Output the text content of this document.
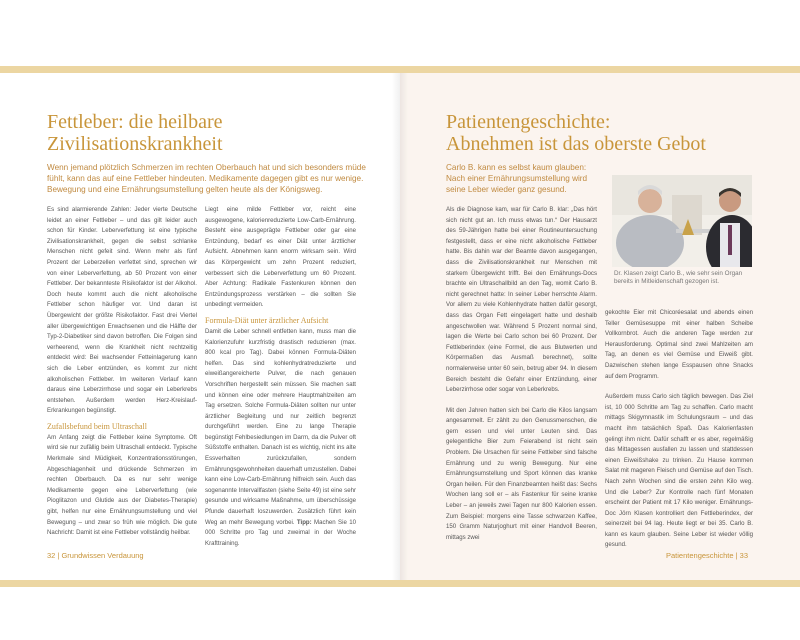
Fettleber: die heilbare
Zivilisationskrankheit

Wenn jemand plötzlich Schmerzen im rechten Oberbauch hat und sich besonders müde fühlt, kann das auf eine Fettleber hindeuten. Medikamente dagegen gibt es nur wenige. Bewegung und eine Ernährungsumstellung gelten heute als der Königsweg.

Es sind alarmierende Zahlen: Jeder vierte Deutsche leidet an einer Fettleber – und das gilt leider auch schon für Kinder. Leberverfettung ist eine typische Zivilisationskrankheit, gegen die selbst schlanke Menschen nicht gefeit sind. Wenn mehr als fünf Prozent der Leberzellen verfettet sind, sprechen wir von einer Leberverfettung, ab 50 Prozent von einer Fettleber. Der bekannteste Risikofaktor ist der Alkohol. Doch heute kommt auch die nicht alkoholische Fettleber schon häufiger vor. Und daran ist Übergewicht der größte Risikofaktor. Fast drei Viertel aller übergewichtigen Erwachsenen und die Hälfte der Typ-2-Diabetiker sind davon betroffen. Die Folgen sind verheerend, wenn die Krankheit nicht rechtzeitig entdeckt wird: Bei wachsender Fetteinlagerung kann sich die Leber entzünden, es kommt zur nicht alkoholischen Fettleber. Im weiteren Verlauf kann daraus eine Leberzirrhose und sogar ein Leberkrebs entstehen. Außerdem werden Herz-Kreislauf-Erkrankungen begünstigt.

Zufallsbefund beim Ultraschall

Am Anfang zeigt die Fettleber keine Symptome. Oft wird sie nur zufällig beim Ultraschall entdeckt. Typische Merkmale sind Müdigkeit, Konzentrationsstörungen, Abgeschlagenheit und drückende Schmerzen im rechten Oberbauch. Da es nur sehr wenige Medikamente gegen eine Leberverfettung (wie Pioglitazon und Glutide aus der Diabetes-Therapie) gibt, helfen nur eine Ernährungsumstellung und viel Bewegung – und zwar so früh wie möglich. Die gute Nachricht: Damit ist eine Fettleber vollständig heilbar.

Liegt eine milde Fettleber vor, reicht eine ausgewogene, kalorienreduzierte Low-Carb-Ernährung. Besteht eine ausgeprägte Fettleber oder gar eine Entzündung, bedarf es einer Diät unter ärztlicher Aufsicht. Abnehmen kann enorm wirksam sein. Wird das Körpergewicht um zehn Prozent reduziert, verbessert sich die Leberverfettung um 60 Prozent. Aber Achtung: Radikale Fastenkuren können den Entzündungsprozess verstärken – die sollten Sie unbedingt vermeiden.

Formula-Diät unter ärztlicher Aufsicht

Damit die Leber schnell entfetten kann, muss man die Kalorienzufuhr kurzfristig drastisch reduzieren (max. 800 kcal pro Tag). Dabei können Formula-Diäten helfen. Das sind kohlenhydratreduzierte und eiweißangereicherte Pulver, die nach genauen Vorschriften hergestellt sein müssen. Sie machen satt und können eine oder mehrere Hauptmahlzeiten am Tag ersetzen. Solche Formula-Diäten sollten nur unter ärztlicher Begleitung und nur zeitlich begrenzt durchgeführt werden. Eine zu lange Therapie begünstigt Fehlbesiedlungen im Darm, da die Pulver oft Süßstoffe enthalten. Danach ist es wichtig, nicht ins alte Essverhalten zurückzufallen, sondern Ernährungsgewohnheiten dauerhaft umzustellen. Dabei kann eine Low-Carb-Ernährung hilfreich sein. Auch das sogenannte Intervallfasten (siehe Seite 49) ist eine sehr gesunde und wirksame Maßnahme, um überschüssige Pfunde dauerhaft loszuwerden. Zusätzlich führt kein Weg an mehr Bewegung vorbei. Tipp: Machen Sie 10 000 Schritte pro Tag und zweimal in der Woche Krafttraining.

32 | Grundwissen Verdauung
Patientengeschichte:
Abnehmen ist das oberste Gebot

Carlo B. kann es selbst kaum glauben: Nach einer Ernährungsumstellung wird seine Leber wieder ganz gesund.

Dr. Klasen zeigt Carlo B., wie sehr sein Organ bereits in Mitleidenschaft gezogen ist.

Als die Diagnose kam, war für Carlo B. klar: „Das hört sich nicht gut an. Ich muss etwas tun.“ Der Hausarzt des 59-Jährigen hatte bei einer Routineuntersuchung festgestellt, dass er eine nicht alkoholische Fettleber hatte. Bis dahin war der Beamte davon ausgegangen, dass die Zivilisationskrankheit nur Menschen mit starkem Übergewicht trifft. Bei den Ernährungs-Docs brachte ein Ultraschallbild an den Tag, womit Carlo B. nicht gerechnet hatte: In seiner Leber herrschte Alarm. Vor allem zu viele Kohlenhydrate hatten dafür gesorgt, dass das Organ Fett eingelagert hatte und deshalb angeschwollen war. Während 5 Prozent normal sind, lagen die Werte bei Carlo schon bei 60 Prozent. Der Fettleberindex (eine Formel, die aus Blutwerten und Körpermaßen das Ausmaß berechnet), sollte normalerweise unter 60 sein, betrug aber 94. In diesem Bereich besteht die Gefahr einer Entzündung, einer Leberzirrhose oder sogar von Leberkrebs.

Mit den Jahren hatten sich bei Carlo die Kilos langsam angesammelt. Er zählt zu den Genussmenschen, die gern essen und viel unter Leuten sind. Das gelegentliche Bier zum Feierabend ist nicht sein Problem. Die Ursachen für seine Fettleber sind falsche Ernährung und zu wenig Bewegung. Nur eine Ernährungsumstellung und Sport können das kranke Organ heilen. Für den Finanzbeamten heißt das: Sechs Wochen lang soll er – als Fastenkur für seine kranke Leber – an jeweils zwei Tagen nur 800 Kalorien essen. Zum Beispiel: morgens eine Tasse schwarzen Kaffee, 150 Gramm Naturjoghurt mit einer Handvoll Beeren, mittags zwei

gekochte Eier mit Chicoréesalat und abends einen Teller Gemüsesuppe mit einer halben Scheibe Vollkornbrot. Auch die anderen Tage werden zur Herausforderung. Optimal sind zwei Mahlzeiten am Tag, an denen es viel Gemüse und Eiweiß gibt. Dazwischen stehen lange Esspausen ohne Snacks auf dem Programm.

Außerdem muss Carlo sich täglich bewegen. Das Ziel ist, 10 000 Schritte am Tag zu schaffen. Carlo macht mittags Skigymnastik im Schulungsraum – und das macht ihm tatsächlich Spaß. Das Kalorienfasten gelingt ihm nicht. Dafür schafft er es aber, regelmäßig das Mittagessen ausfallen zu lassen und stattdessen einen Eiweißshake zu trinken. Zu Hause kommen Salat mit mageren Fleisch und Gemüse auf den Tisch. Nach zehn Wochen sind die ersten zehn Kilo weg. Und die Leber? Zur Kontrolle nach fünf Monaten erscheint der Patient mit 17 Kilo weniger. Ernährungs-Doc Jörn Klasen kontrolliert den Fettleberindex, der seinerzeit bei 94 lag. Heute liegt er bei 35. Carlo B. kann es kaum glauben. Seine Leber ist wieder völlig gesund.

Patientengeschichte | 33
